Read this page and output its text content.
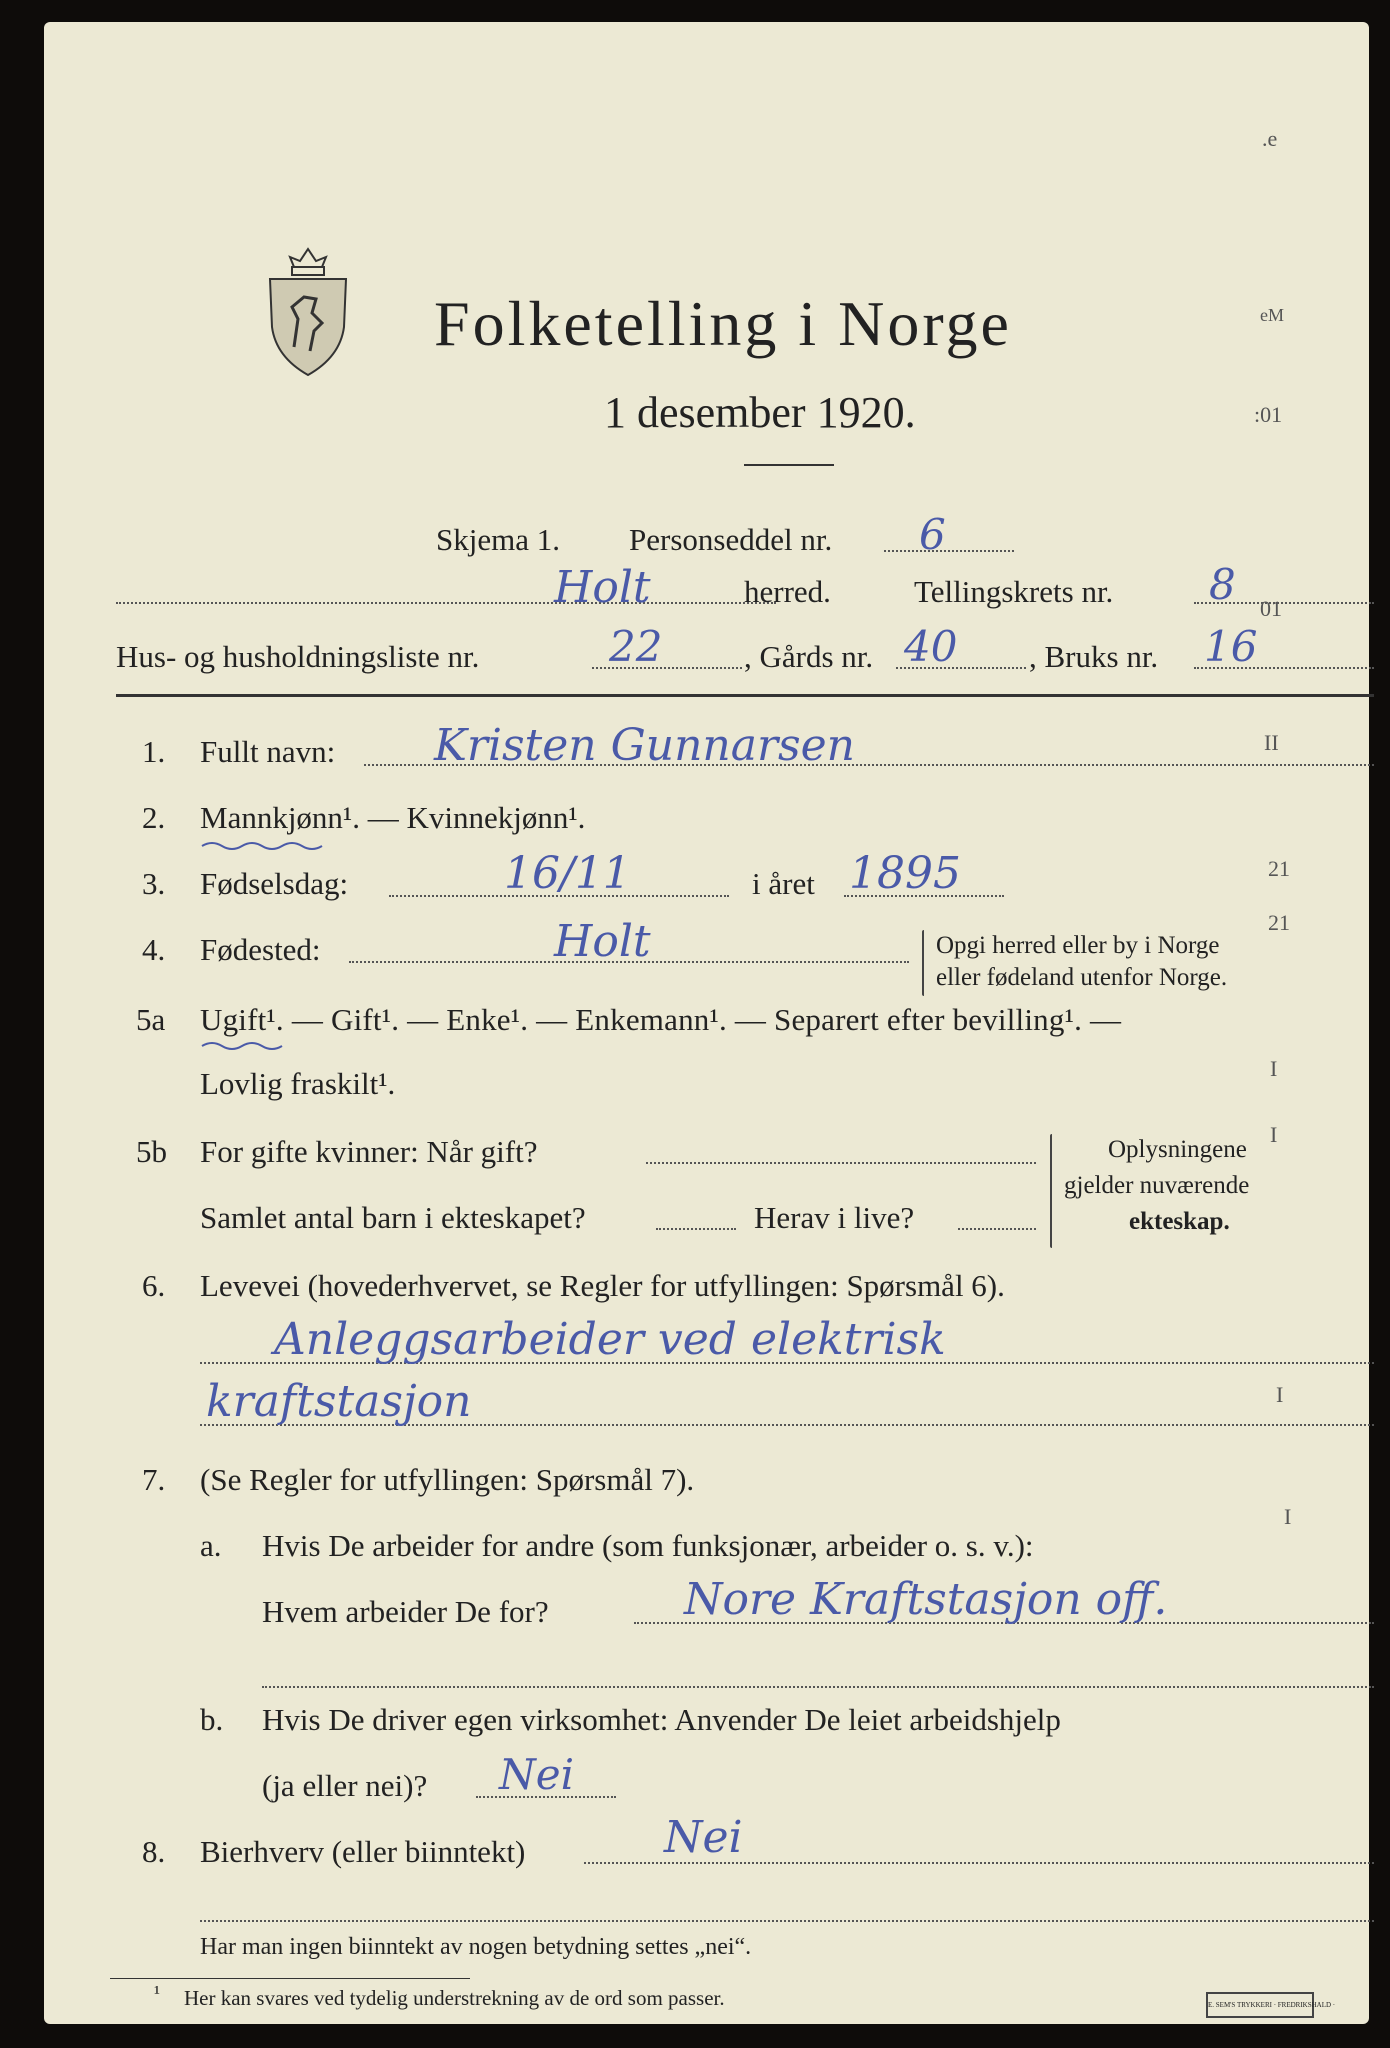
Folketelling i Norge
1 desember 1920.
Skjema 1. Personseddel nr. 6
Holt	herred.	Tellingskrets nr. 8
Hus- og husholdningsliste nr.	22	, Gårds nr. 40 , Bruks nr. 16
1. Fullt navn: Kristen Gunnarsen
2. Mannkjønn¹. — Kvinnekjønn¹.
3. Fødselsdag:	16/11	i året 1895
4. Fødested:	Holt	Opgi herred eller by i Norge
eller fødeland utenfor Norge.
5a Ugift¹. — Gift¹. — Enke¹. — Enkemann¹. — Separert efter bevilling¹. —
Lovlig fraskilt¹.
5b For gifte kvinner: Når gift?
Samlet antal barn i ekteskapet?	Herav i live?
Oplysningene
gjelder nuværende
ekteskap.
6. Levevei (hovederhvervet, se Regler for utfyllingen: Spørsmål 6).
Anleggsarbeider ved elektrisk
kraftstasjon
7. (Se Regler for utfyllingen: Spørsmål 7).
a. Hvis De arbeider for andre (som funksjonær, arbeider o. s. v.):
Hvem arbeider De for?	Nore Kraftstasjon off.
b. Hvis De driver egen virksomhet: Anvender De leiet arbeidshjelp
(ja eller nei)? Nei
8. Bierhverv (eller biinntekt)	Nei
Har man ingen biinntekt av nogen betydning settes „nei“.
¹ Her kan svares ved tydelig understrekning av de ord som passer.	E. SEM'S TRYKKERI · FREDRIKSHALD ·
.e
eM
:01
01
II
21
21
I
I
I
I
